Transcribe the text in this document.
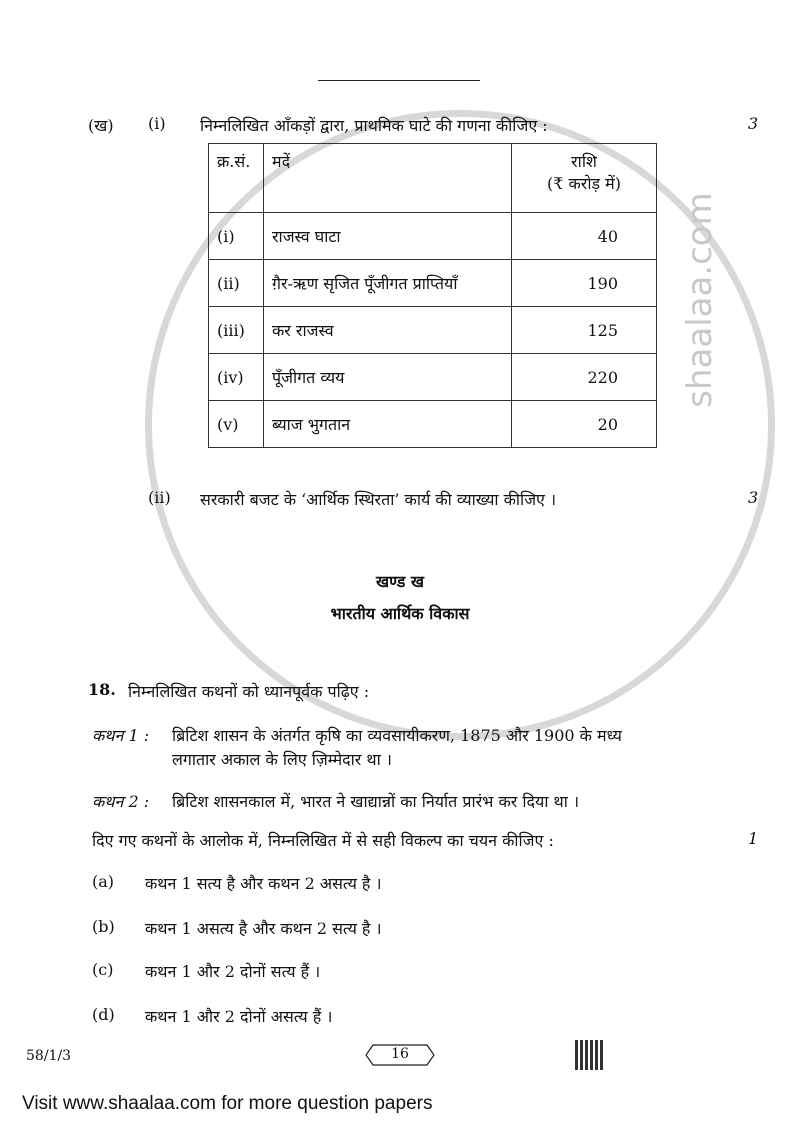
shaalaa.com
(ख) (i) निम्नलिखित आँकड़ों द्वारा, प्राथमिक घाटे की गणना कीजिए :	3
क्र.सं.	मदें	राशि
(₹ करोड़ में)

(i)	राजस्व घाटा	40
(ii)	ग़ैर-ऋण सृजित पूँजीगत प्राप्तियाँ	190
(iii)	कर राजस्व	125
(iv)	पूँजीगत व्यय	220
(v)	ब्याज भुगतान	20
(ii) सरकारी बजट के ‘आर्थिक स्थिरता’ कार्य की व्याख्या कीजिए ।	3
खण्ड ख
भारतीय आर्थिक विकास
18. निम्नलिखित कथनों को ध्यानपूर्वक पढ़िए :
कथन 1 : ब्रिटिश शासन के अंतर्गत कृषि का व्यवसायीकरण, 1875 और 1900 के मध्य
लगातार अकाल के लिए ज़िम्मेदार था ।
कथन 2 : ब्रिटिश शासनकाल में, भारत ने खाद्यान्नों का निर्यात प्रारंभ कर दिया था ।
दिए गए कथनों के आलोक में, निम्नलिखित में से सही विकल्प का चयन कीजिए :	1
(a) कथन 1 सत्य है और कथन 2 असत्य है ।
(b) कथन 1 असत्य है और कथन 2 सत्य है ।
(c) कथन 1 और 2 दोनों सत्य हैं ।
(d) कथन 1 और 2 दोनों असत्य हैं ।
58/1/3	16
Visit www.shaalaa.com for more question papers
